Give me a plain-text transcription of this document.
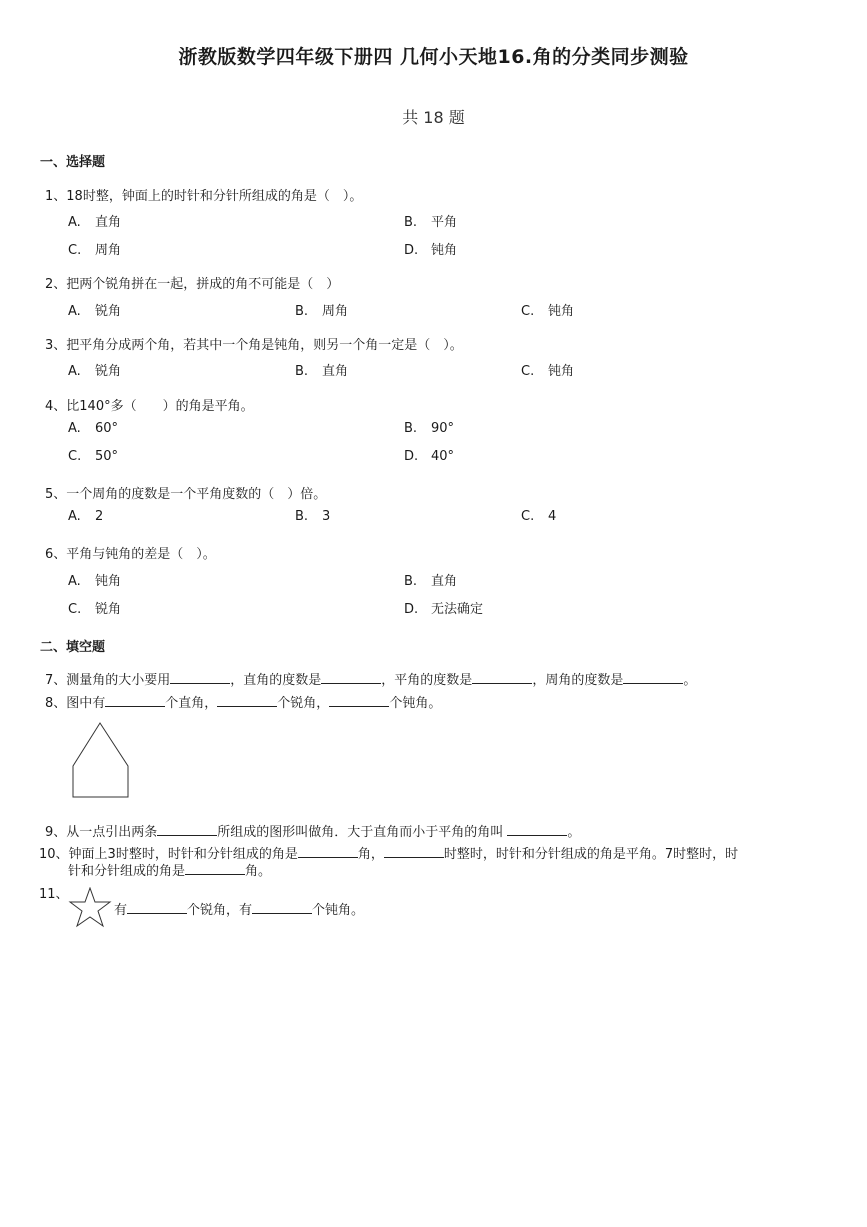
浙教版数学四年级下册四 几何小天地16.角的分类同步测验
共 18 题
一、选择题
1、18时整，钟面上的时针和分针所组成的角是（　）。
A. 直角	B. 平角
C. 周角	D. 钝角
2、把两个锐角拼在一起，拼成的角不可能是（　）
A. 锐角	B. 周角	C. 钝角
3、把平角分成两个角，若其中一个角是钝角，则另一个角一定是（　）。
A. 锐角	B. 直角	C. 钝角
4、比140°多（　　）的角是平角。
A. 60°	B. 90°
C. 50°	D. 40°
5、一个周角的度数是一个平角度数的（　）倍。
A. 2	B. 3	C. 4
6、平角与钝角的差是（　）。
A. 钝角	B. 直角
C. 锐角	D. 无法确定
二、填空题
7、测量角的大小要用	，直角的度数是	，平角的度数是	，周角的度数是	。
8、图中有	个直角，	个锐角，	个钝角。
9、从一点引出两条	所组成的图形叫做角．大于直角而小于平角的角叫	。
10、钟面上3时整时，时针和分针组成的角是	角，	时整时，时针和分针组成的角是平角。7时整时，时
针和分针组成的角是	角。
11、
有	个锐角，有	个钝角。
